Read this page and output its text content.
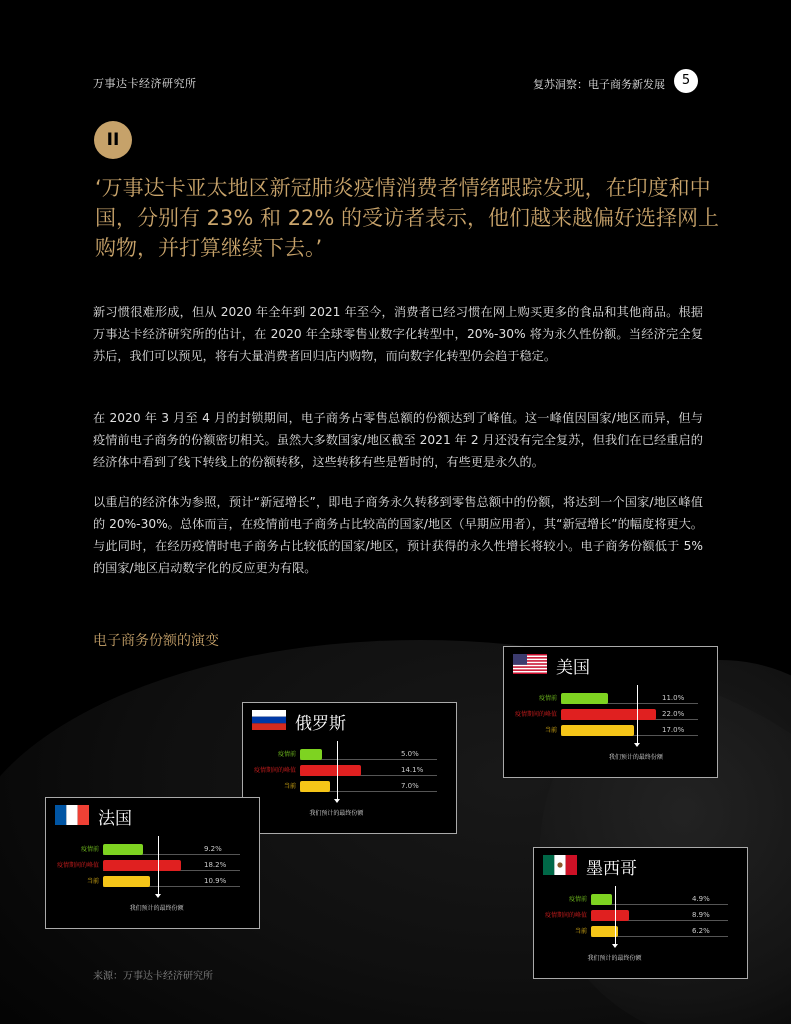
万事达卡经济研究所	复苏洞察：电子商务新发展	5
II
‘万事达卡亚太地区新冠肺炎疫情消费者情绪跟踪发现，在印度和中国，分别有 23% 和 22% 的受访者表示，他们越来越偏好选择网上购物，并打算继续下去。’
新习惯很难形成，但从 2020 年全年到 2021 年至今，消费者已经习惯在网上购买更多的食品和其他商品。根据万事达卡经济研究所的估计，在 2020 年全球零售业数字化转型中，20%-30% 将为永久性份额。当经济完全复苏后，我们可以预见，将有大量消费者回归店内购物，而向数字化转型仍会趋于稳定。
在 2020 年 3 月至 4 月的封锁期间，电子商务占零售总额的份额达到了峰值。这一峰值因国家/地区而异，但与疫情前电子商务的份额密切相关。虽然大多数国家/地区截至 2021 年 2 月还没有完全复苏，但我们在已经重启的经济体中看到了线下转线上的份额转移，这些转移有些是暂时的，有些更是永久的。
以重启的经济体为参照，预计“新冠增长”，即电子商务永久转移到零售总额中的份额，将达到一个国家/地区峰值的 20%-30%。总体而言，在疫情前电子商务占比较高的国家/地区（早期应用者），其“新冠增长”的幅度将更大。与此同时，在经历疫情时电子商务占比较低的国家/地区，预计获得的永久性增长将较小。电子商务份额低于 5% 的国家/地区启动数字化的反应更为有限。
电子商务份额的演变
美国
疫情前	11.0%
疫情期间的峰值	22.0%
当前	17.0%
我们预计的最终份额
俄罗斯
疫情前	5.0%
疫情期间的峰值	14.1%
当前	7.0%
我们预计的最终份额
法国
疫情前	9.2%
疫情期间的峰值	18.2%
当前	10.9%
我们预计的最终份额
墨西哥
疫情前	4.9%
疫情期间的峰值	8.9%
当前	6.2%
我们预计的最终份额
来源：万事达卡经济研究所
